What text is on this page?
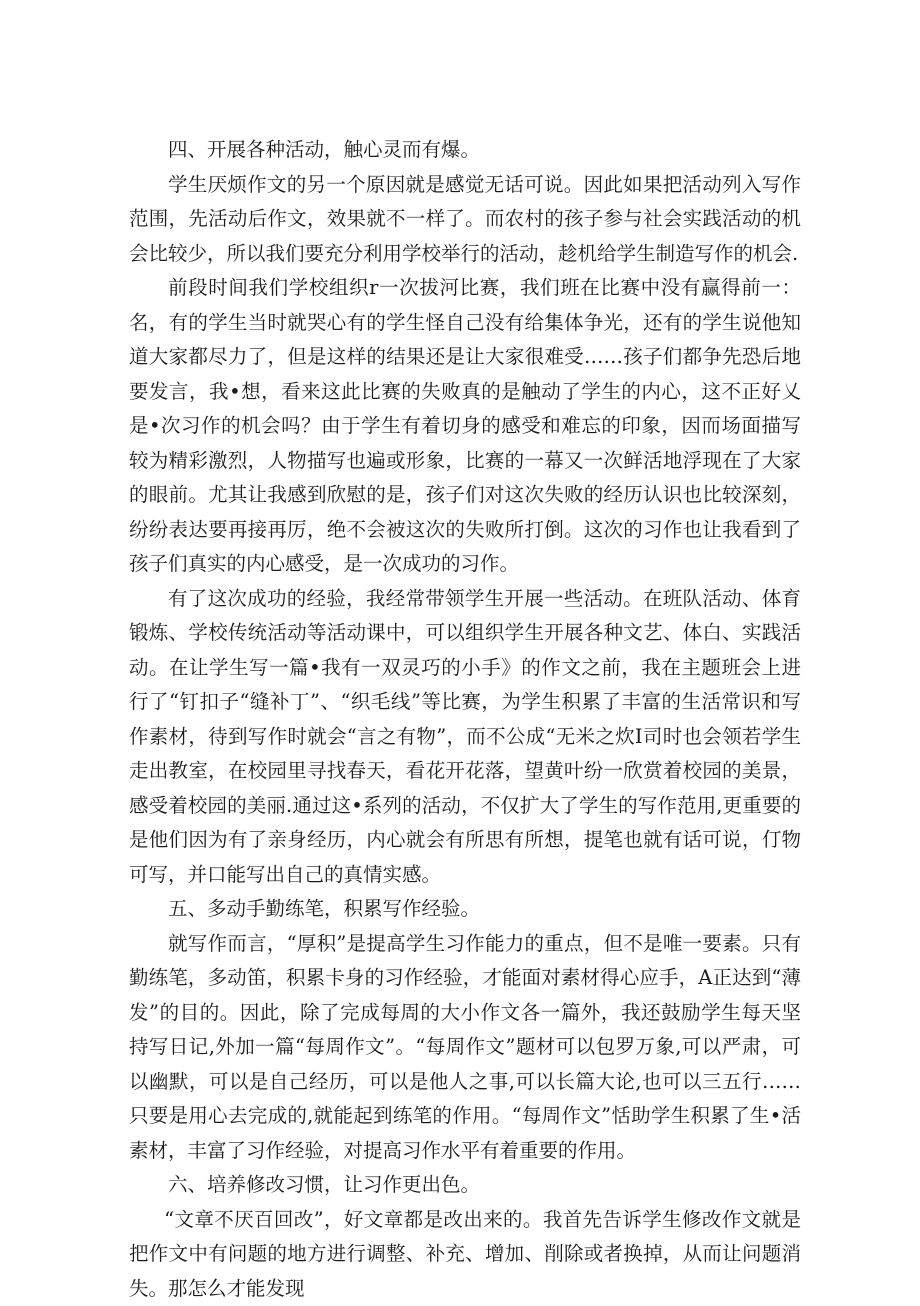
四、开展各种活动，触心灵而有爆。

学生厌烦作文的另一个原因就是感觉无话可说。因此如果把活动列入写作范围，先活动后作文，效果就不一样了。而农村的孩子参与社会实践活动的机会比较少，所以我们要充分利用学校举行的活动，趁机给学生制造写作的机会.

前段时间我们学校组织r一次拔河比赛，我们班在比赛中没有赢得前一：名，有的学生当时就哭心有的学生怪自己没有给集体争光，还有的学生说他知道大家都尽力了，但是这样的结果还是让大家很难受……孩子们都争先恐后地要发言，我•想，看来这此比赛的失败真的是触动了学生的内心，这不正好乂是•次习作的机会吗？由于学生有着切身的感受和难忘的印象，因而场面描写较为精彩激烈，人物描写也遍或形象，比赛的一幕又一次鲜活地浮现在了大家的眼前。尤其让我感到欣慰的是，孩子们对这次失败的经历认识也比较深刻，纷纷表达要再接再厉，绝不会被这次的失败所打倒。这次的习作也让我看到了孩子们真实的内心感受，是一次成功的习作。

有了这次成功的经验，我经常带领学生开展一些活动。在班队活动、体育锻炼、学校传统活动等活动课中，可以组织学生开展各种文艺、体白、实践活动。在让学生写一篇•我有一双灵巧的小手》的作文之前，我在主题班会上进行了“钉扣子“缝补丁”、“织毛线”等比赛，为学生积累了丰富的生活常识和写作素材，待到写作时就会“言之有物”，而不公成“无米之炊I司时也会领若学生走出教室，在校园里寻找春天，看花开花落，望黄叶纷一欣赏着校园的美景，感受着校园的美丽.通过这•系列的活动，不仅扩大了学生的写作范用,更重要的是他们因为有了亲身经历，内心就会有所思有所想，提笔也就有话可说，仃物可写，并口能写出自己的真情实感。

五、多动手勤练笔，积累写作经验。

就写作而言，“厚积”是提高学生习作能力的重点，但不是唯一要素。只有勤练笔，多动笛，积累卡身的习作经验，才能面对素材得心应手，A正达到“薄发”的目的。因此，除了完成每周的大小作文各一篇外，我还鼓励学生每天坚持写日记,外加一篇“每周作文”。“每周作文”题材可以包罗万象,可以严肃，可以幽默，可以是自己经历，可以是他人之事,可以长篇大论,也可以三五行……只要是用心去完成的,就能起到练笔的作用。“每周作文”恬助学生积累了生•活素材，丰富了习作经验，对提高习作水平有着重要的作用。

六、培养修改习惯，让习作更出色。

“文章不厌百回改”，好文章都是改出来的。我首先告诉学生修改作文就是把作文中有问题的地方进行调整、补充、增加、削除或者换掉，从而让问题消失。那怎么才能发现
